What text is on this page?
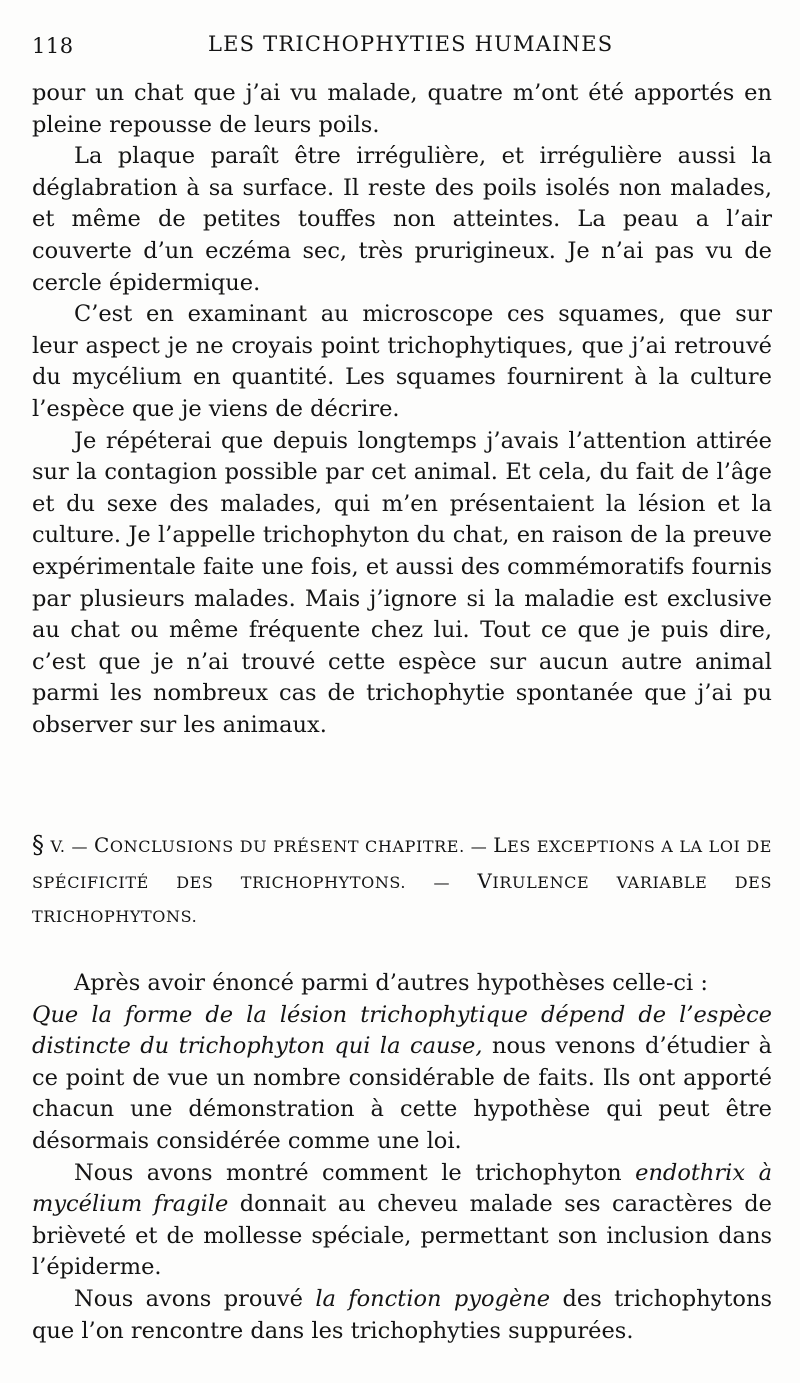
118	LES TRICHOPHYTIES HUMAINES

pour un chat que j’ai vu malade, quatre m’ont été apportés en pleine repousse de leurs poils.

La plaque paraît être irrégulière, et irrégulière aussi la déglabration à sa surface. Il reste des poils isolés non malades, et même de petites touffes non atteintes. La peau a l’air couverte d’un eczéma sec, très prurigineux. Je n’ai pas vu de cercle épidermique.

C’est en examinant au microscope ces squames, que sur leur aspect je ne croyais point trichophytiques, que j’ai retrouvé du mycélium en quantité. Les squames fournirent à la culture l’espèce que je viens de décrire.

Je répéterai que depuis longtemps j’avais l’attention attirée sur la contagion possible par cet animal. Et cela, du fait de l’âge et du sexe des malades, qui m’en présentaient la lésion et la culture. Je l’appelle trichophyton du chat, en raison de la preuve expérimentale faite une fois, et aussi des commémoratifs fournis par plusieurs malades. Mais j’ignore si la maladie est exclusive au chat ou même fréquente chez lui. Tout ce que je puis dire, c’est que je n’ai trouvé cette espèce sur aucun autre animal parmi les nombreux cas de trichophytie spontanée que j’ai pu observer sur les animaux.

§ V. — CONCLUSIONS DU PRÉSENT CHAPITRE. — LES EXCEPTIONS A LA LOI DE SPÉCIFICITÉ DES TRICHOPHYTONS. — VIRULENCE VARIABLE DES TRICHOPHYTONS.

Après avoir énoncé parmi d’autres hypothèses celle-ci :

Que la forme de la lésion trichophytique dépend de l’espèce distincte du trichophyton qui la cause, nous venons d’étudier à ce point de vue un nombre considérable de faits. Ils ont apporté chacun une démonstration à cette hypothèse qui peut être désormais considérée comme une loi.

Nous avons montré comment le trichophyton endothrix à mycélium fragile donnait au cheveu malade ses caractères de brièveté et de mollesse spéciale, permettant son inclusion dans l’épiderme.

Nous avons prouvé la fonction pyogène des trichophytons que l’on rencontre dans les trichophyties suppurées.
